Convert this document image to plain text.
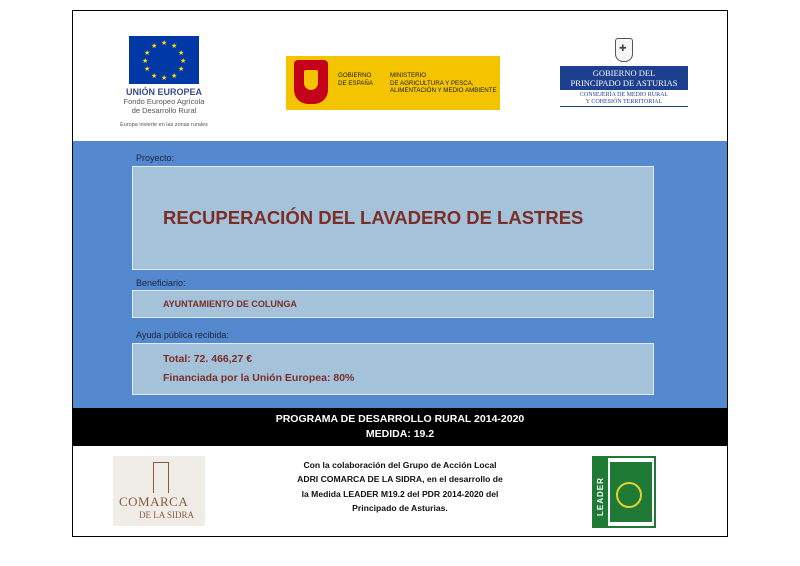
★ ★
★
★
★
★
★
★
★
★
★
★
UNIÓN EUROPEA
Fondo Europeo Agrícola
de Desarrollo Rural
Europa invierte en las zonas rurales
GOBIERNO
DE ESPAÑA
MINISTERIO
DE AGRICULTURA Y PESCA,
ALIMENTACIÓN Y MEDIO AMBIENTE
✚
GOBIERNO DEL
PRINCIPADO DE ASTURIAS
CONSEJERÍA DE MEDIO RURAL
Y COHESIÓN TERRITORIAL
Proyecto:
RECUPERACIÓN DEL LAVADERO DE LASTRES
Beneficiario:
AYUNTAMIENTO DE COLUNGA
Ayuda pública recibida:
Total: 72. 466,27 €
Financiada por la Unión Europea: 80%
PROGRAMA DE DESARROLLO RURAL 2014-2020
MEDIDA: 19.2
COMARCA
DE LA SIDRA
Con la colaboración del Grupo de Acción Local
ADRI COMARCA DE LA SIDRA, en el desarrollo de
la Medida LEADER M19.2 del PDR 2014-2020 del
Principado de Asturias.	LEADER
